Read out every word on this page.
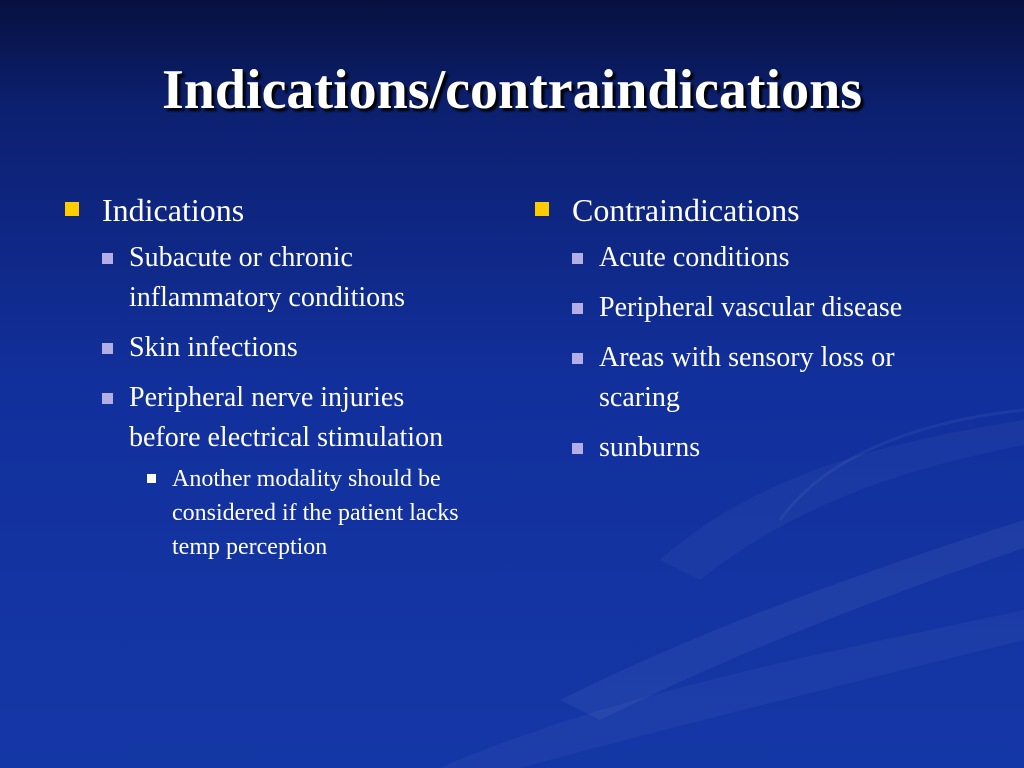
Indications/contraindications
Indications
Subacute or chronic inflammatory conditions
Skin infections
Peripheral nerve injuries before electrical stimulation
Another modality should be considered if the patient lacks temp perception
Contraindications
Acute conditions
Peripheral vascular disease
Areas with sensory loss or scaring
sunburns
